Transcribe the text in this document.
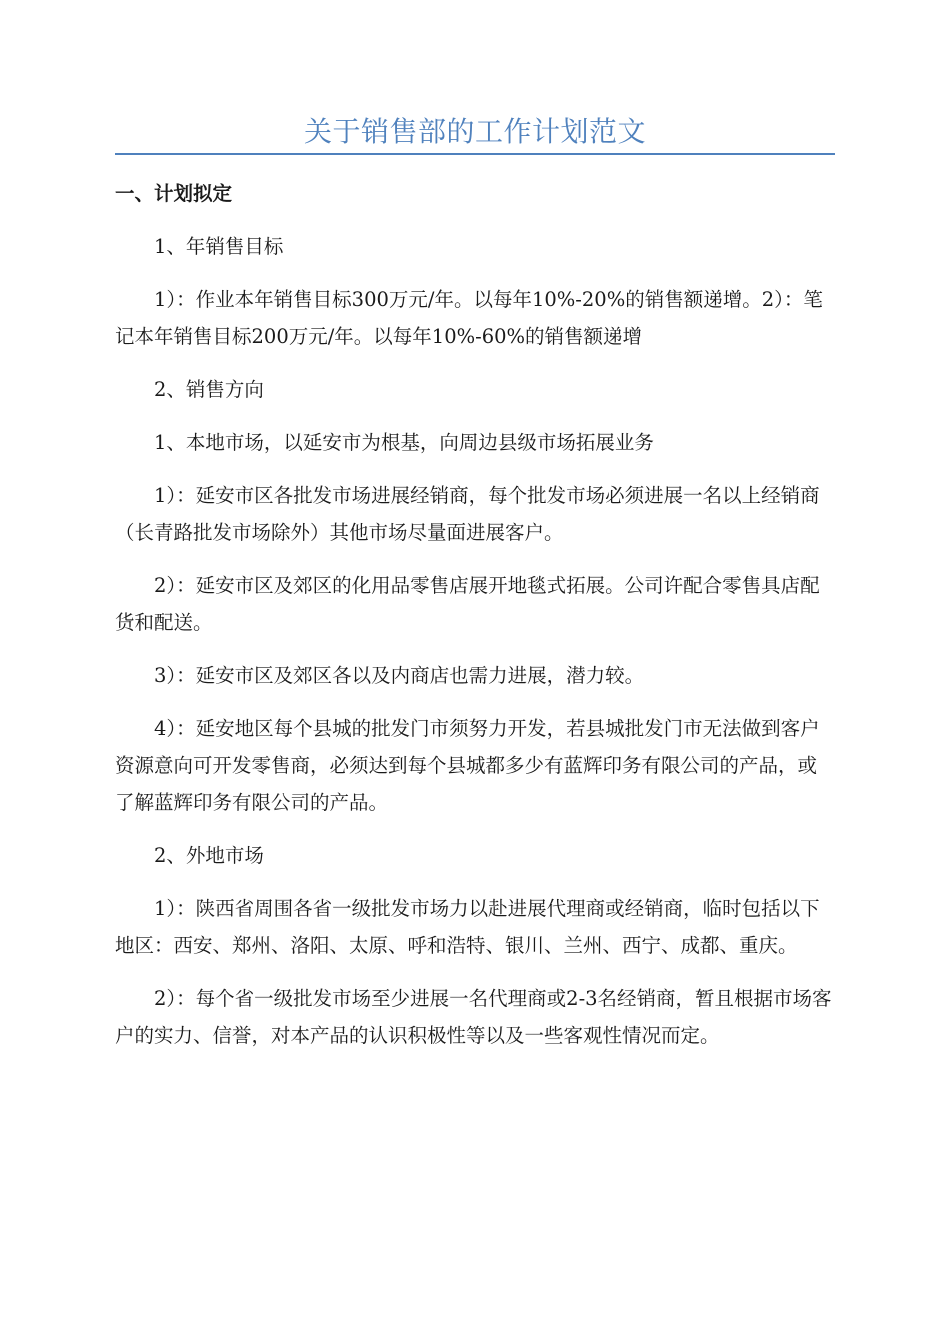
关于销售部的工作计划范文

一、计划拟定

1、年销售目标

1）：作业本年销售目标300万元/年。以每年10%-20%的销售额递增。2）：笔记本年销售目标200万元/年。以每年10%-60%的销售额递增

2、销售方向

1、本地市场，以延安市为根基，向周边县级市场拓展业务

1）：延安市区各批发市场进展经销商，每个批发市场必须进展一名以上经销商（长青路批发市场除外）其他市场尽量面进展客户。

2）：延安市区及郊区的化用品零售店展开地毯式拓展。公司许配合零售具店配货和配送。

3）：延安市区及郊区各以及内商店也需力进展，潜力较。

4）：延安地区每个县城的批发门市须努力开发，若县城批发门市无法做到客户资源意向可开发零售商，必须达到每个县城都多少有蓝辉印务有限公司的产品，或了解蓝辉印务有限公司的产品。

2、外地市场

1）：陕西省周围各省一级批发市场力以赴进展代理商或经销商，临时包括以下地区：西安、郑州、洛阳、太原、呼和浩特、银川、兰州、西宁、成都、重庆。

2）：每个省一级批发市场至少进展一名代理商或2-3名经销商，暂且根据市场客户的实力、信誉，对本产品的认识积极性等以及一些客观性情况而定。
